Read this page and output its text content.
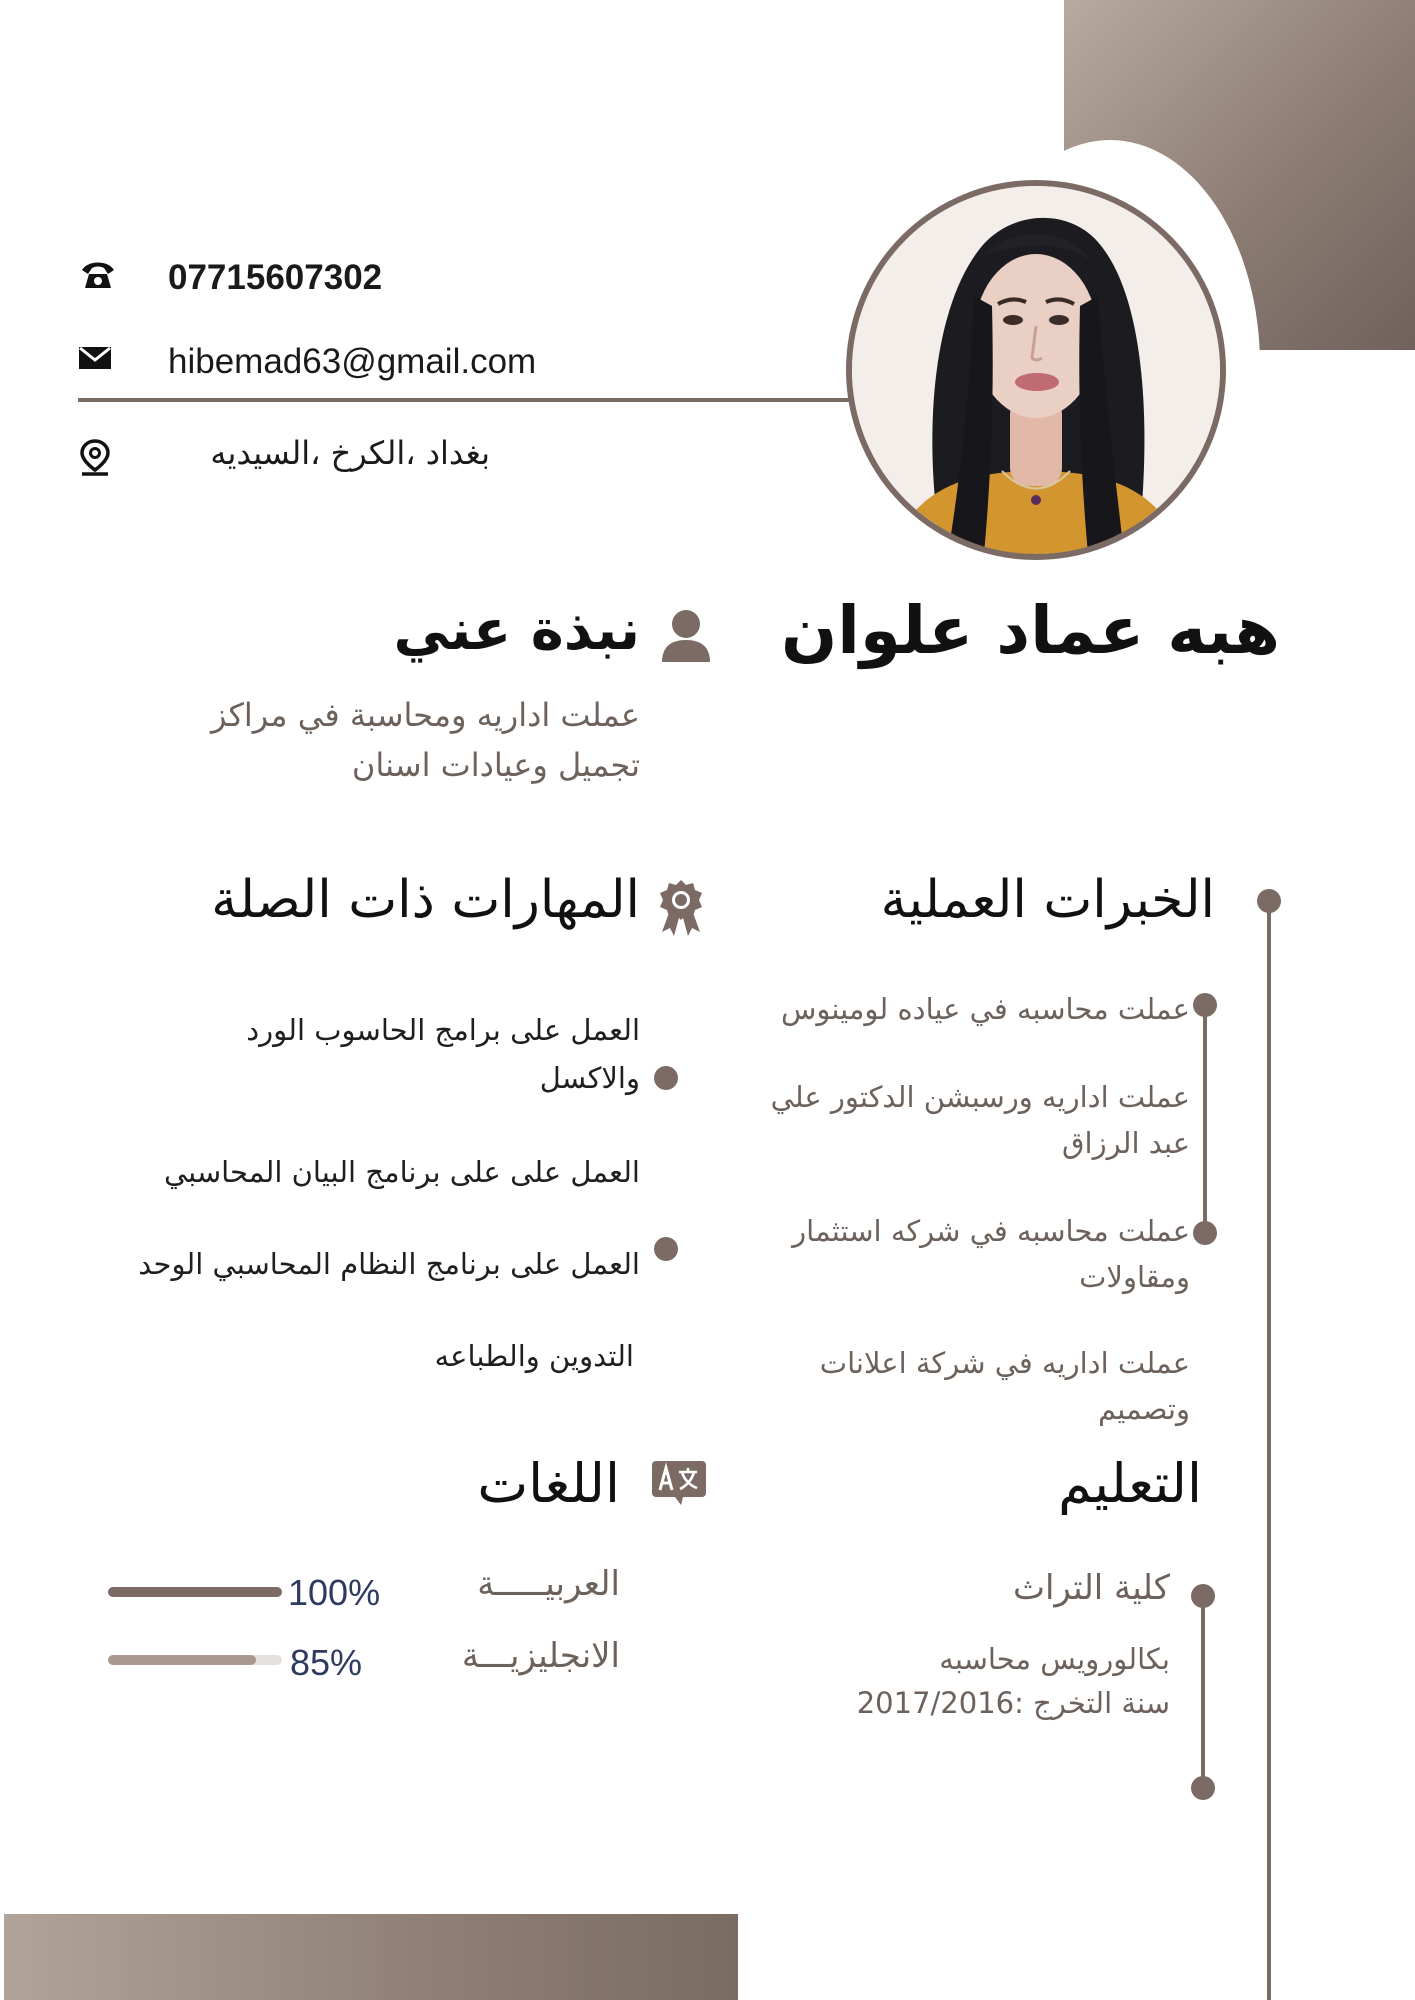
07715607302
hibemad63@gmail.com
بغداد ،الكرخ ،السيديه
هبه عماد علوان
نبذة عني
عملت اداريه ومحاسبة في مراكز
تجميل وعيادات اسنان
الخبرات العملية
عملت محاسبه في عياده لومينوس
عملت اداريه ورسبشن الدكتور علي
عبد الرزاق
عملت محاسبه في شركه استثمار
ومقاولات
عملت اداريه في شركة اعلانات
وتصميم
المهارات ذات الصلة
العمل على برامج الحاسوب الورد
والاكسل
العمل على على برنامج البيان المحاسبي
العمل على برنامج النظام المحاسبي الوحد
التدوين والطباعه
التعليم
كلية التراث
بكالورويس محاسبه
سنة التخرج :2017/2016
اللغات
العربيـــــة
100%
الانجليزيـــة
85%
